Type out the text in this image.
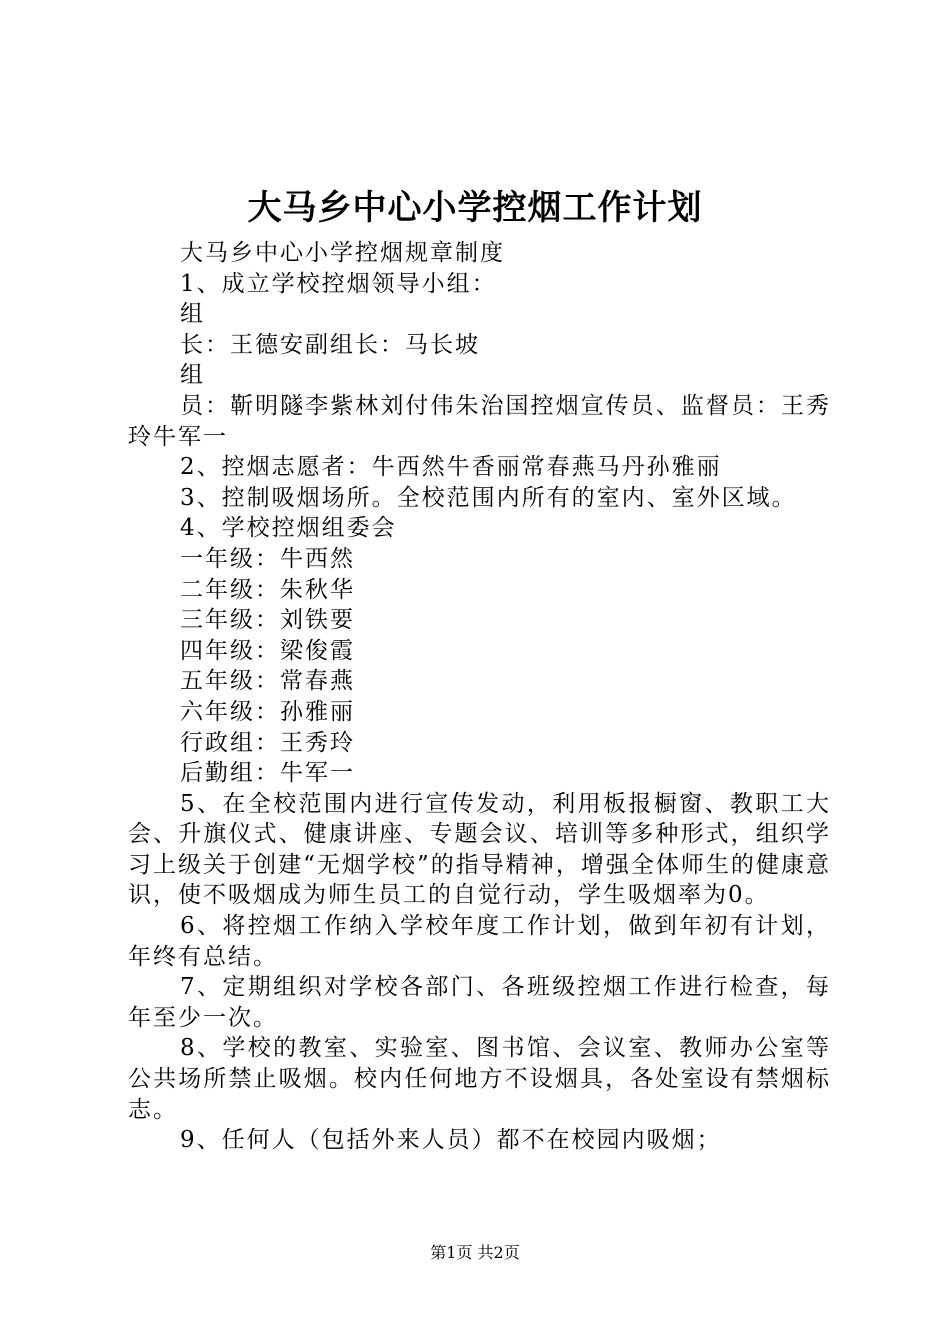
大马乡中心小学控烟工作计划

大马乡中心小学控烟规章制度

1、成立学校控烟领导小组：

组

长：王德安副组长：马长坡

组

员：靳明隧李紫林刘付伟朱治国控烟宣传员、监督员：王秀玲牛军一

2、控烟志愿者：牛西然牛香丽常春燕马丹孙雅丽

3、控制吸烟场所。全校范围内所有的室内、室外区域。

4、学校控烟组委会

一年级：牛西然

二年级：朱秋华

三年级：刘铁要

四年级：梁俊霞

五年级：常春燕

六年级：孙雅丽

行政组：王秀玲

后勤组：牛军一

5、在全校范围内进行宣传发动，利用板报橱窗、教职工大会、升旗仪式、健康讲座、专题会议、培训等多种形式，组织学习上级关于创建“无烟学校”的指导精神，增强全体师生的健康意识，使不吸烟成为师生员工的自觉行动，学生吸烟率为0。

6、将控烟工作纳入学校年度工作计划，做到年初有计划，年终有总结。

7、定期组织对学校各部门、各班级控烟工作进行检查，每年至少一次。

8、学校的教室、实验室、图书馆、会议室、教师办公室等公共场所禁止吸烟。校内任何地方不设烟具，各处室设有禁烟标志。

9、任何人（包括外来人员）都不在校园内吸烟；

第1页 共2页
